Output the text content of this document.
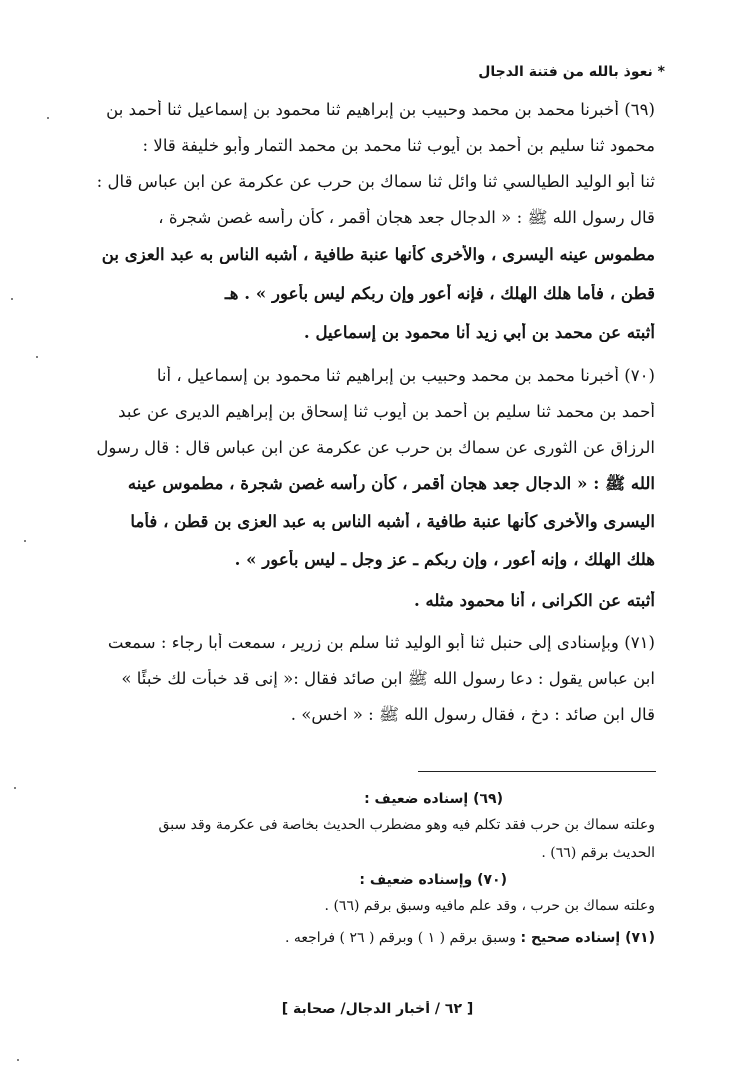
* نعوذ بالله من فتنة الدجال
(٦٩) أخبرنا محمد بن محمد وحبيب بن إبراهيم ثنا محمود بن إسماعيل ثنا أحمد بن
محمود ثنا سليم بن أحمد بن أيوب ثنا محمد بن محمد التمار وأبو خليفة قالا :
ثنا أبو الوليد الطيالسي ثنا وائل ثنا سماك بن حرب عن عكرمة عن ابن عباس قال :
قال رسول الله ﷺ : « الدجال جعد هجان أقمر ، كأن رأسه غصن شجرة ،
مطموس عينه اليسرى ، والأخرى كأنها عنبة طافية ، أشبه الناس به عبد العزى بن
قطن ، فأما هلك الهلك ، فإنه أعور وإن ربكم ليس بأعور » . هـ
أثبته عن محمد بن أبي زيد أنا محمود بن إسماعيل .
(٧٠) أخبرنا محمد بن محمد وحبيب بن إبراهيم ثنا محمود بن إسماعيل ، أنا
أحمد بن محمد ثنا سليم بن أحمد بن أيوب ثنا إسحاق بن إبراهيم الديرى عن عبد
الرزاق عن الثورى عن سماك بن حرب عن عكرمة عن ابن عباس قال : قال رسول
الله ﷺ : « الدجال جعد هجان أقمر ، كأن رأسه غصن شجرة ، مطموس عينه
اليسرى والأخرى كأنها عنبة طافية ، أشبه الناس به عبد العزى بن قطن ، فأما
هلك الهلك ، وإنه أعور ، وإن ربكم ـ عز وجل ـ ليس بأعور » .
أثبته عن الكرانى ، أنا محمود مثله .
(٧١) وبإسنادى إلى حنبل ثنا أبو الوليد ثنا سلم بن زرير ، سمعت أبا رجاء : سمعت
ابن عباس يقول : دعا رسول الله ﷺ ابن صائد فقال :« إنى قد خبأت لك خبئًا »
قال ابن صائد : دخ ، فقال رسول الله ﷺ : « اخس» .
(٦٩) إسناده ضعيف :
وعلته سماك بن حرب فقد تكلم فيه وهو مضطرب الحديث بخاصة فى عكرمة وقد سبق
الحديث برقم (٦٦) .
(٧٠) وإسناده ضعيف :
وعلته سماك بن حرب ، وقد علم مافيه وسبق برقم (٦٦) .
(٧١) إسناده صحيح : وسبق برقم ( ١ ) وبرقم ( ٢٦ ) فراجعه .
[ ٦٢ / أخبار الدجال/ صحابة ]
